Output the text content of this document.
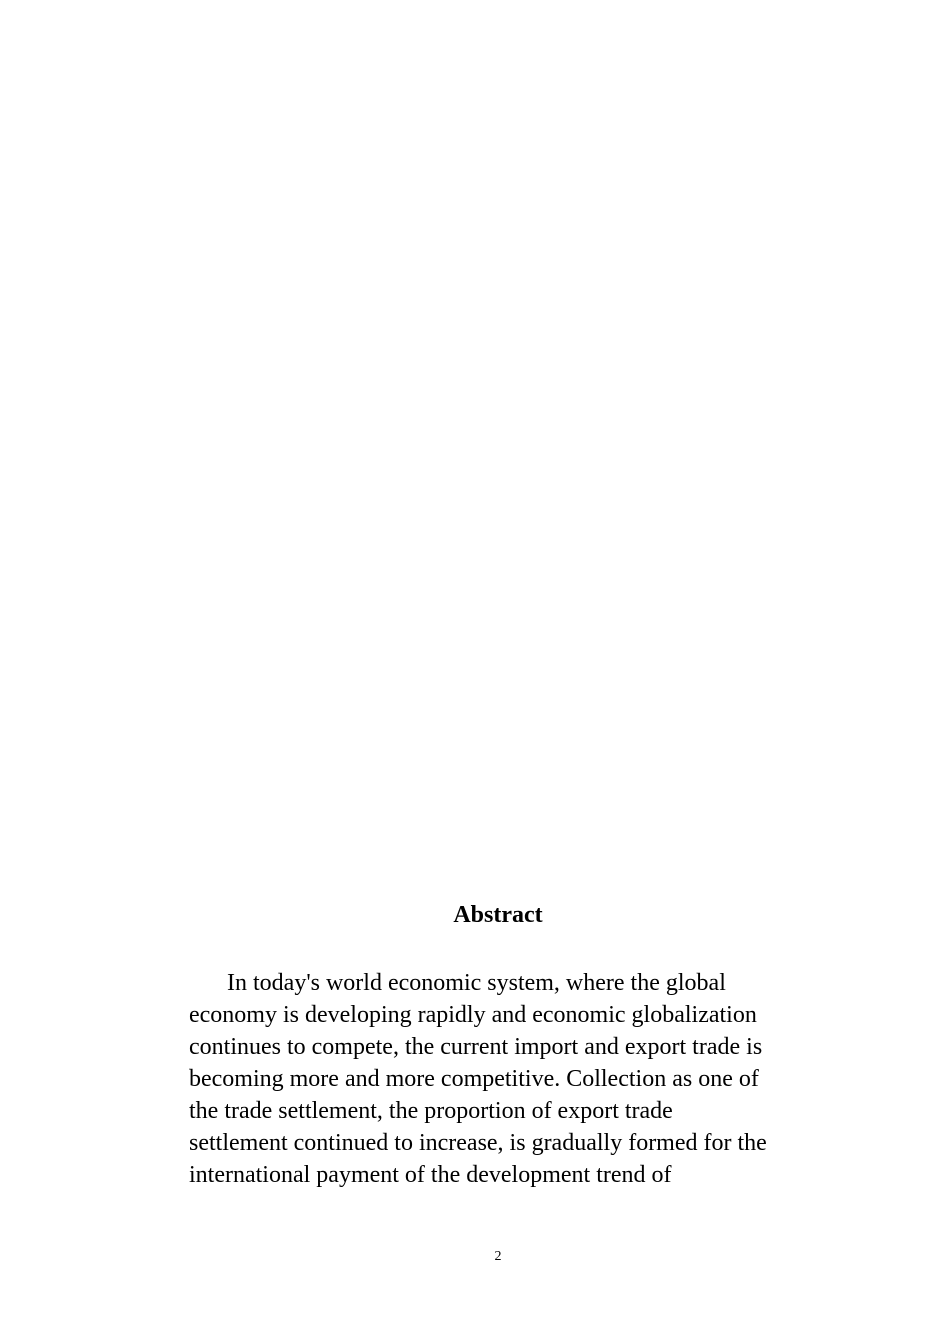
Abstract

In today's world economic system, where the global
economy is developing rapidly and economic globalization
continues to compete, the current import and export trade is
becoming more and more competitive. Collection as one of
the trade settlement, the proportion of export trade
settlement continued to increase, is gradually formed for the
international payment of the development trend of

2
